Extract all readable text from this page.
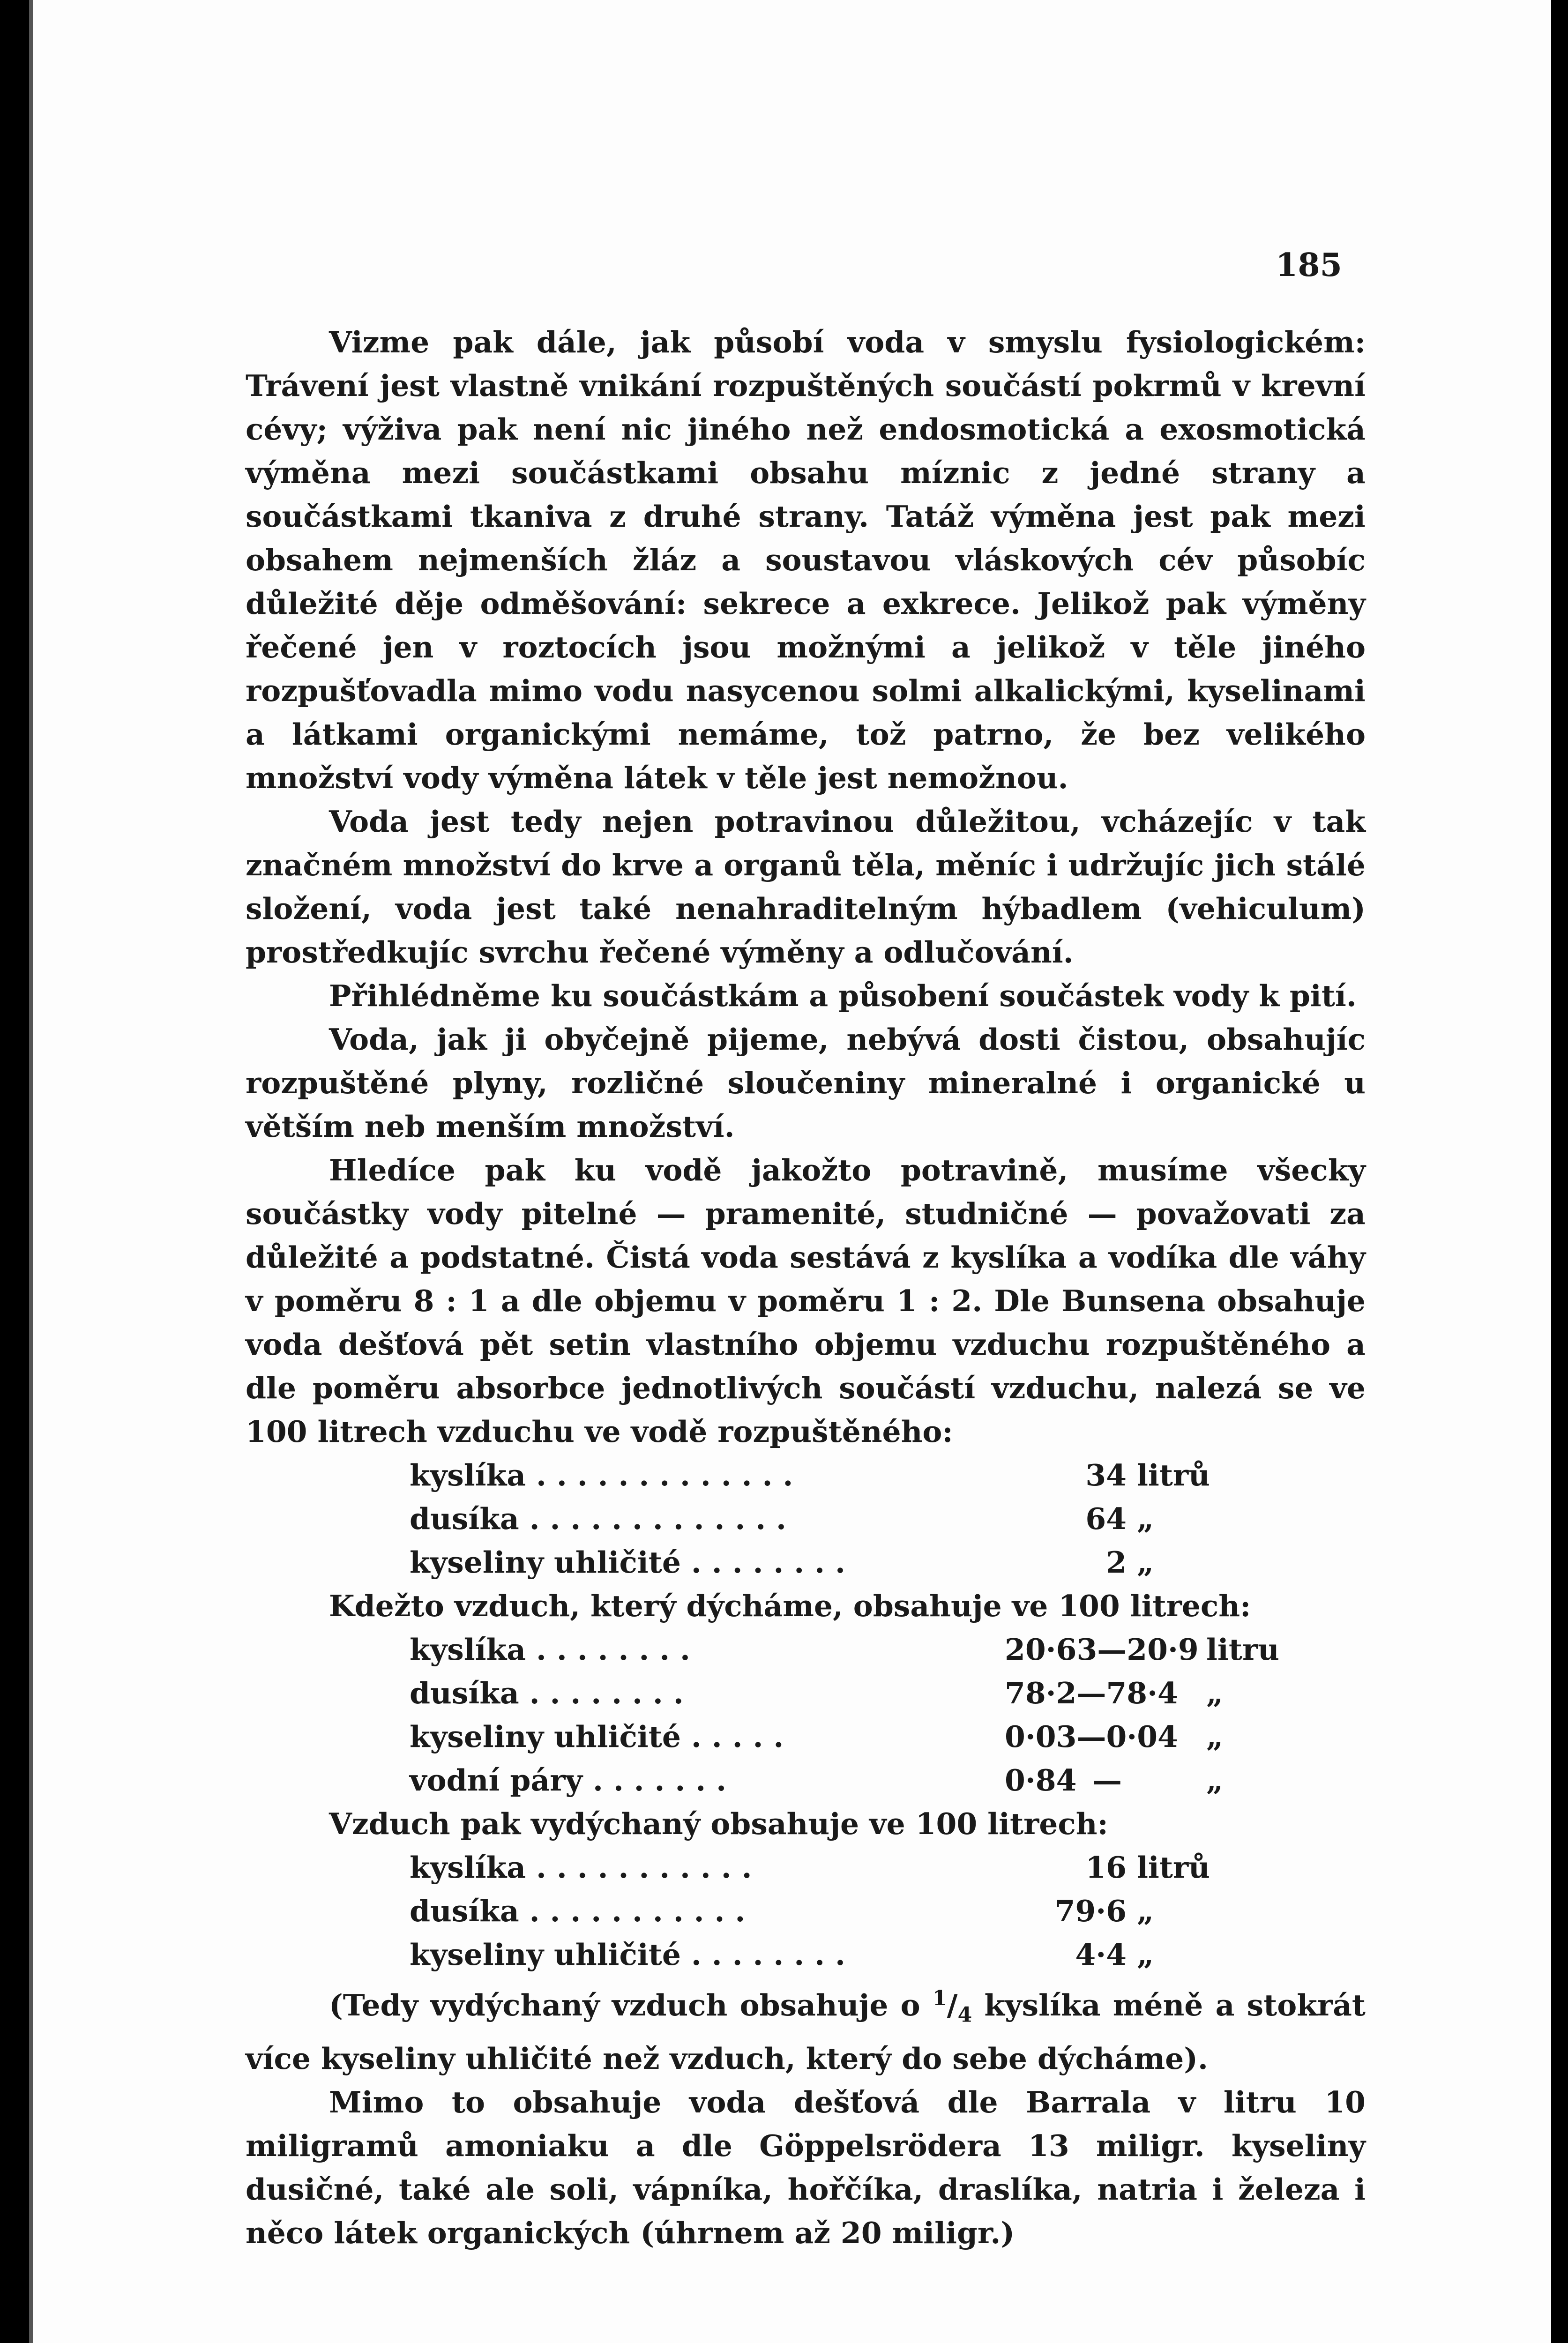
185

Vizme pak dále, jak působí voda v smyslu fysiologickém: Trávení jest vlastně vnikání rozpuštěných součástí pokrmů v krevní cévy; výživa pak není nic jiného než endosmotická a exosmotická výměna mezi součástkami obsahu míznic z jedné strany a součástkami tkaniva z druhé strany. Tatáž výměna jest pak mezi obsahem nejmenších žláz a soustavou vláskových cév působíc důležité děje odměšování: sekrece a exkrece. Jelikož pak výměny řečené jen v roztocích jsou možnými a jelikož v těle jiného rozpušťovadla mimo vodu nasycenou solmi alkalickými, kyselinami a látkami organickými nemáme, tož patrno, že bez velikého množství vody výměna látek v těle jest nemožnou.

Voda jest tedy nejen potravinou důležitou, vcházejíc v tak značném množství do krve a organů těla, měníc i udržujíc jich stálé složení, voda jest také nenahraditelným hýbadlem (vehiculum) prostředkujíc svrchu řečené výměny a odlučování.

Přihlédněme ku součástkám a působení součástek vody k pití.

Voda, jak ji obyčejně pijeme, nebývá dosti čistou, obsahujíc rozpuštěné plyny, rozličné sloučeniny mineralné i organické u větším neb menším množství.

Hledíce pak ku vodě jakožto potravině, musíme všecky součástky vody pitelné — pramenité, studničné — považovati za důležité a podstatné. Čistá voda sestává z kyslíka a vodíka dle váhy v poměru 8 : 1 a dle objemu v poměru 1 : 2. Dle Bunsena obsahuje voda dešťová pět setin vlastního objemu vzduchu rozpuštěného a dle poměru absorbce jednotlivých součástí vzduchu, nalezá se ve 100 litrech vzduchu ve vodě rozpuštěného:

kyslíka . . . . . . . . . . . . .	34 litrů
dusíka . . . . . . . . . . . . .	64 „
kyseliny uhličité . . . . . . . .	2 „

Kdežto vzduch, který dýcháme, obsahuje ve 100 litrech:

kyslíka . . . . . . . .	20·63—20·9 litru
dusíka . . . . . . . .	78·2—78·4 „
kyseliny uhličité . . . . .	0·03—0·04 „
vodní páry . . . . . . .	0·84 —	„

Vzduch pak vydýchaný obsahuje ve 100 litrech:

kyslíka . . . . . . . . . . .	16 litrů
dusíka . . . . . . . . . . .	79·6 „
kyseliny uhličité . . . . . . . .	4·4 „

(Tedy vydýchaný vzduch obsahuje o $^1/_4$ kyslíka méně a stokrát více kyseliny uhličité než vzduch, který do sebe dýcháme).

Mimo to obsahuje voda dešťová dle Barrala v litru 10 miligramů amoniaku a dle Göppelsrödera 13 miligr. kyseliny dusičné, také ale soli, vápníka, hořčíka, draslíka, natria i železa i něco látek organických (úhrnem až 20 miligr.)
